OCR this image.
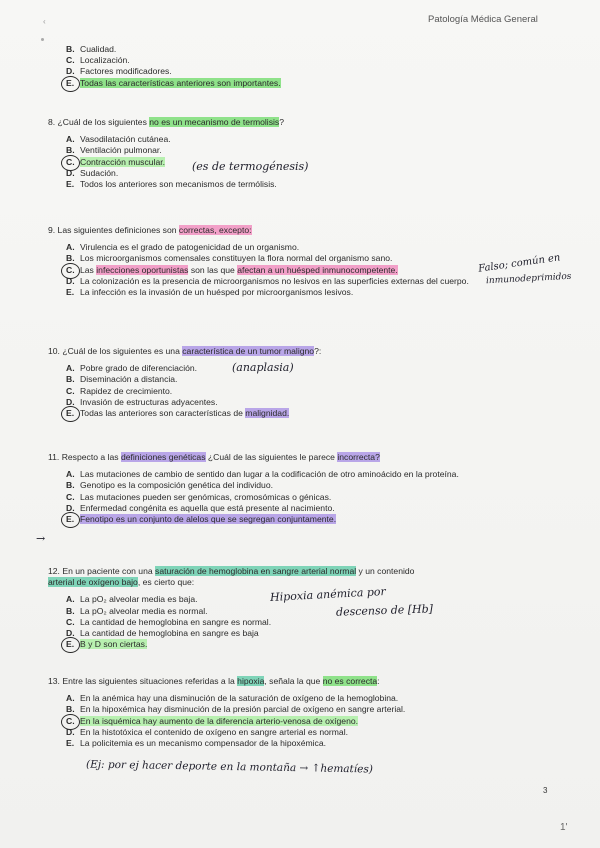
‹	Patología Médica General
B. Cualidad.
C. Localización.
D. Factores modificadores.
E. Todas las características anteriores son importantes.
8. ¿Cuál de los siguientes no es un mecanismo de termolisis?
A. Vasodilatación cutánea.
B. Ventilación pulmonar.
C. Contracción muscular.
D. Sudación.
E. Todos los anteriores son mecanismos de termólisis.
(es de termogénesis)
9. Las siguientes definiciones son correctas, excepto:
A. Virulencia es el grado de patogenicidad de un organismo.
B. Los microorganismos comensales constituyen la flora normal del organismo sano.
C. Las infecciones oportunistas son las que afectan a un huésped inmunocompetente.
D. La colonización es la presencia de microorganismos no lesivos en las superficies externas del cuerpo.
E. La infección es la invasión de un huésped por microorganismos lesivos.
Falso; común en
inmunodeprimidos
10. ¿Cuál de los siguientes es una característica de un tumor maligno?:
A. Pobre grado de diferenciación.
B. Diseminación a distancia.
C. Rapidez de crecimiento.
D. Invasión de estructuras adyacentes.
E. Todas las anteriores son características de malignidad.
(anaplasia)
11. Respecto a las definiciones genéticas ¿Cuál de las siguientes le parece incorrecta?
A. Las mutaciones de cambio de sentido dan lugar a la codificación de otro aminoácido en la proteína.
B. Genotipo es la composición genética del individuo.
C. Las mutaciones pueden ser genómicas, cromosómicas o génicas.
D. Enfermedad congénita es aquella que está presente al nacimiento.
E. Fenotipo es un conjunto de alelos que se segregan conjuntamente.
→
12. En un paciente con una saturación de hemoglobina en sangre arterial normal y un contenido
arterial de oxígeno bajo, es cierto que:
A. La pO₂ alveolar media es baja.
B. La pO₂ alveolar media es normal.
C. La cantidad de hemoglobina en sangre es normal.
D. La cantidad de hemoglobina en sangre es baja
E. B y D son ciertas.
Hipoxia anémica por
descenso de [Hb]
13. Entre las siguientes situaciones referidas a la hipoxia, señala la que no es correcta:
A. En la anémica hay una disminución de la saturación de oxígeno de la hemoglobina.
B. En la hipoxémica hay disminución de la presión parcial de oxígeno en sangre arterial.
C. En la isquémica hay aumento de la diferencia arterio-venosa de oxígeno.
D. En la histotóxica el contenido de oxígeno en sangre arterial es normal.
E. La policitemia es un mecanismo compensador de la hipoxémica.
(Ej: por ej hacer deporte en la montaña → ↑hematíes)
3
1'
